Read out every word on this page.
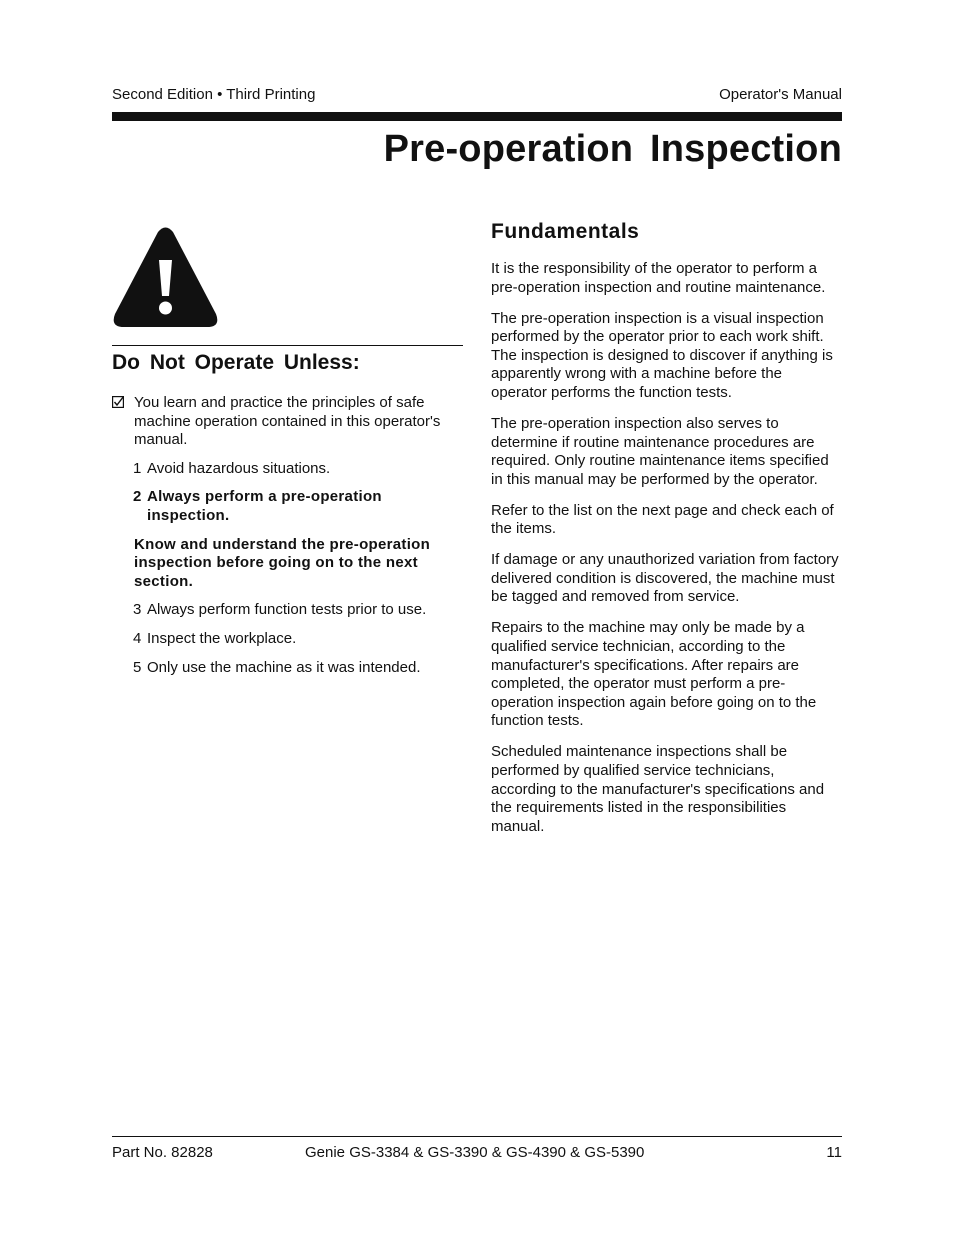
Second Edition • Third Printing	Operator's Manual
Pre-operation Inspection
Do Not Operate Unless:
You learn and practice the principles of safe machine operation contained in this operator's manual.
1 Avoid hazardous situations.
2 Always perform a pre-operation inspection.

Know and understand the pre-operation inspection before going on to the next section.

3 Always perform function tests prior to use.
4 Inspect the workplace.
5 Only use the machine as it was intended.
Fundamentals

It is the responsibility of the operator to perform a pre-operation inspection and routine maintenance.

The pre-operation inspection is a visual inspection performed by the operator prior to each work shift. The inspection is designed to discover if anything is apparently wrong with a machine before the operator performs the function tests.

The pre-operation inspection also serves to determine if routine maintenance procedures are required. Only routine maintenance items specified in this manual may be performed by the operator.

Refer to the list on the next page and check each of the items.

If damage or any unauthorized variation from factory delivered condition is discovered, the machine must be tagged and removed from service.

Repairs to the machine may only be made by a qualified service technician, according to the manufacturer's specifications. After repairs are completed, the operator must perform a pre-operation inspection again before going on to the function tests.

Scheduled maintenance inspections shall be performed by qualified service technicians, according to the manufacturer's specifications and the requirements listed in the responsibilities manual.

Part No. 82828	Genie GS-3384 & GS-3390 & GS-4390 & GS-5390	11
